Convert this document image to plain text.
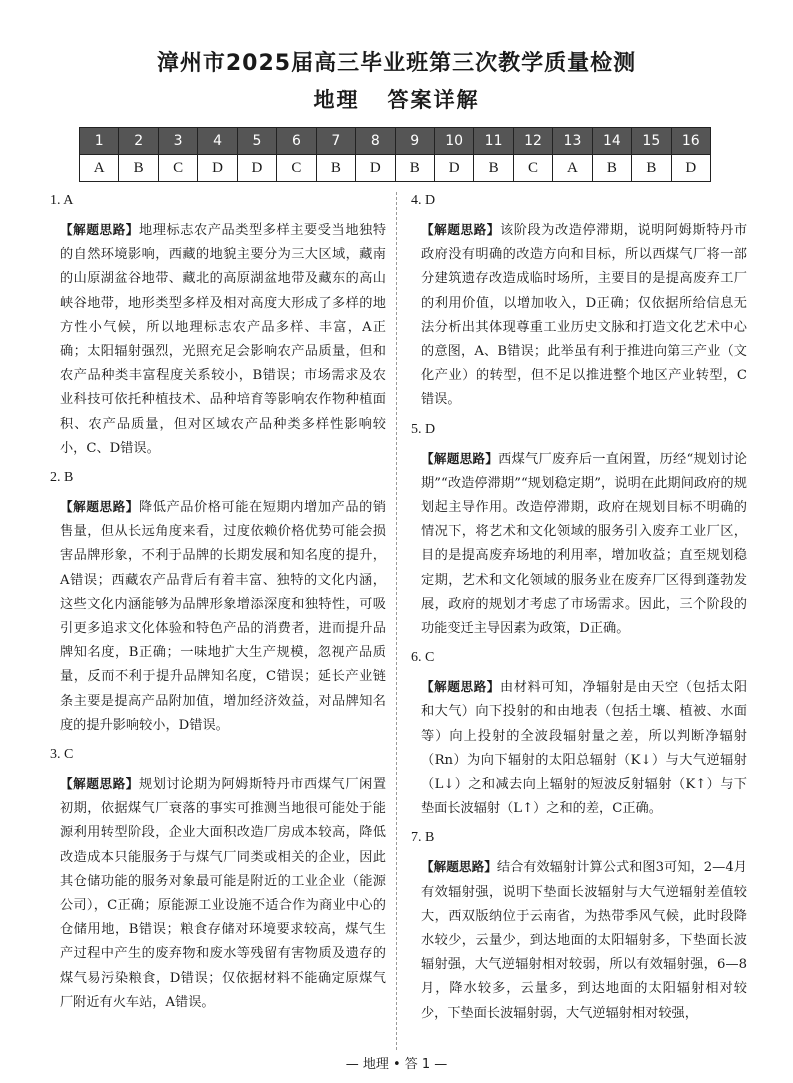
漳州市2025届高三毕业班第三次教学质量检测
地理   答案详解
1	2	3	4	5	6	7	8	9	10	11	12	13	14	15	16
A	B	C	D	D	C	B	D	B	D	B	C	A	B	B	D

1. A

【解题思路】地理标志农产品类型多样主要受当地独特的自然环境影响，西藏的地貌主要分为三大区域，藏南的山原湖盆谷地带、藏北的高原湖盆地带及藏东的高山峡谷地带，地形类型多样及相对高度大形成了多样的地方性小气候，所以地理标志农产品多样、丰富，A正确；太阳辐射强烈，光照充足会影响农产品质量，但和农产品种类丰富程度关系较小，B错误；市场需求及农业科技可依托种植技术、品种培育等影响农作物种植面积、农产品质量，但对区域农产品种类多样性影响较小，C、D错误。

2. B

【解题思路】降低产品价格可能在短期内增加产品的销售量，但从长远角度来看，过度依赖价格优势可能会损害品牌形象，不利于品牌的长期发展和知名度的提升，A错误；西藏农产品背后有着丰富、独特的文化内涵，这些文化内涵能够为品牌形象增添深度和独特性，可吸引更多追求文化体验和特色产品的消费者，进而提升品牌知名度，B正确；一味地扩大生产规模，忽视产品质量，反而不利于提升品牌知名度，C错误；延长产业链条主要是提高产品附加值，增加经济效益，对品牌知名度的提升影响较小，D错误。

3. C

【解题思路】规划讨论期为阿姆斯特丹市西煤气厂闲置初期，依据煤气厂衰落的事实可推测当地很可能处于能源利用转型阶段，企业大面积改造厂房成本较高，降低改造成本只能服务于与煤气厂同类或相关的企业，因此其仓储功能的服务对象最可能是附近的工业企业（能源公司），C正确；原能源工业设施不适合作为商业中心的仓储用地，B错误；粮食存储对环境要求较高，煤气生产过程中产生的废弃物和废水等残留有害物质及遗存的煤气易污染粮食，D错误；仅依据材料不能确定原煤气厂附近有火车站，A错误。

4. D

【解题思路】该阶段为改造停滞期，说明阿姆斯特丹市政府没有明确的改造方向和目标，所以西煤气厂将一部分建筑遗存改造成临时场所，主要目的是提高废弃工厂的利用价值，以增加收入，D正确；仅依据所给信息无法分析出其体现尊重工业历史文脉和打造文化艺术中心的意图，A、B错误；此举虽有利于推进向第三产业（文化产业）的转型，但不足以推进整个地区产业转型，C错误。

5. D

【解题思路】西煤气厂废弃后一直闲置，历经“规划讨论期”“改造停滞期”“规划稳定期”，说明在此期间政府的规划起主导作用。改造停滞期，政府在规划目标不明确的情况下，将艺术和文化领域的服务引入废弃工业厂区，目的是提高废弃场地的利用率，增加收益；直至规划稳定期，艺术和文化领域的服务业在废弃厂区得到蓬勃发展，政府的规划才考虑了市场需求。因此，三个阶段的功能变迁主导因素为政策，D正确。

6. C

【解题思路】由材料可知，净辐射是由天空（包括太阳和大气）向下投射的和由地表（包括土壤、植被、水面等）向上投射的全波段辐射量之差，所以判断净辐射（Rn）为向下辐射的太阳总辐射（K↓）与大气逆辐射（L↓）之和减去向上辐射的短波反射辐射（K↑）与下垫面长波辐射（L↑）之和的差，C正确。

7. B

【解题思路】结合有效辐射计算公式和图3可知，2—4月有效辐射强，说明下垫面长波辐射与大气逆辐射差值较大，西双版纳位于云南省，为热带季风气候，此时段降水较少，云量少，到达地面的太阳辐射多，下垫面长波辐射强，大气逆辐射相对较弱，所以有效辐射强，6—8月，降水较多，云量多，到达地面的太阳辐射相对较少，下垫面长波辐射弱，大气逆辐射相对较强，

— 地理 • 答 1 —
